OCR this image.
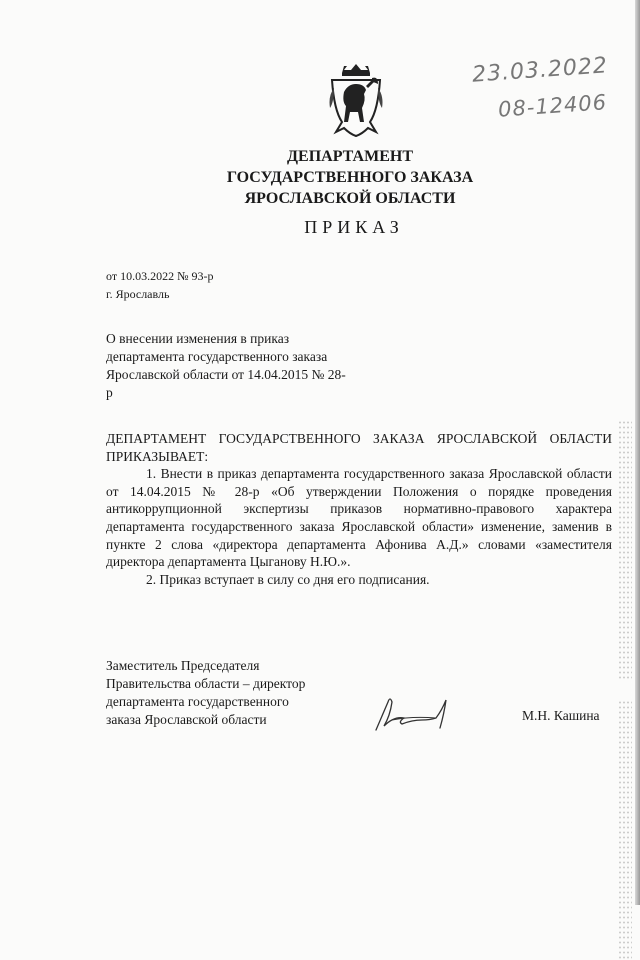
23.03.2022
08-12406
ДЕПАРТАМЕНТ
ГОСУДАРСТВЕННОГО ЗАКАЗА
ЯРОСЛАВСКОЙ ОБЛАСТИ
ПРИКАЗ
от 10.03.2022 № 93-р
г. Ярославль
О внесении изменения в приказ департамента государственного заказа Ярославской области от 14.04.2015 № 28-р

ДЕПАРТАМЕНТ ГОСУДАРСТВЕННОГО ЗАКАЗА ЯРОСЛАВСКОЙ ОБЛАСТИ ПРИКАЗЫВАЕТ:

1. Внести в приказ департамента государственного заказа Ярославской области от 14.04.2015 № 28-р «Об утверждении Положения о порядке проведения антикоррупционной экспертизы приказов нормативно-правового характера департамента государственного заказа Ярославской области» изменение, заменив в пункте 2 слова «директора департамента Афонива А.Д.» словами «заместителя директора департамента Цыганову Н.Ю.».

2. Приказ вступает в силу со дня его подписания.

Заместитель Председателя
Правительства области – директор
департамента государственного
заказа Ярославской области	М.Н. Кашина
